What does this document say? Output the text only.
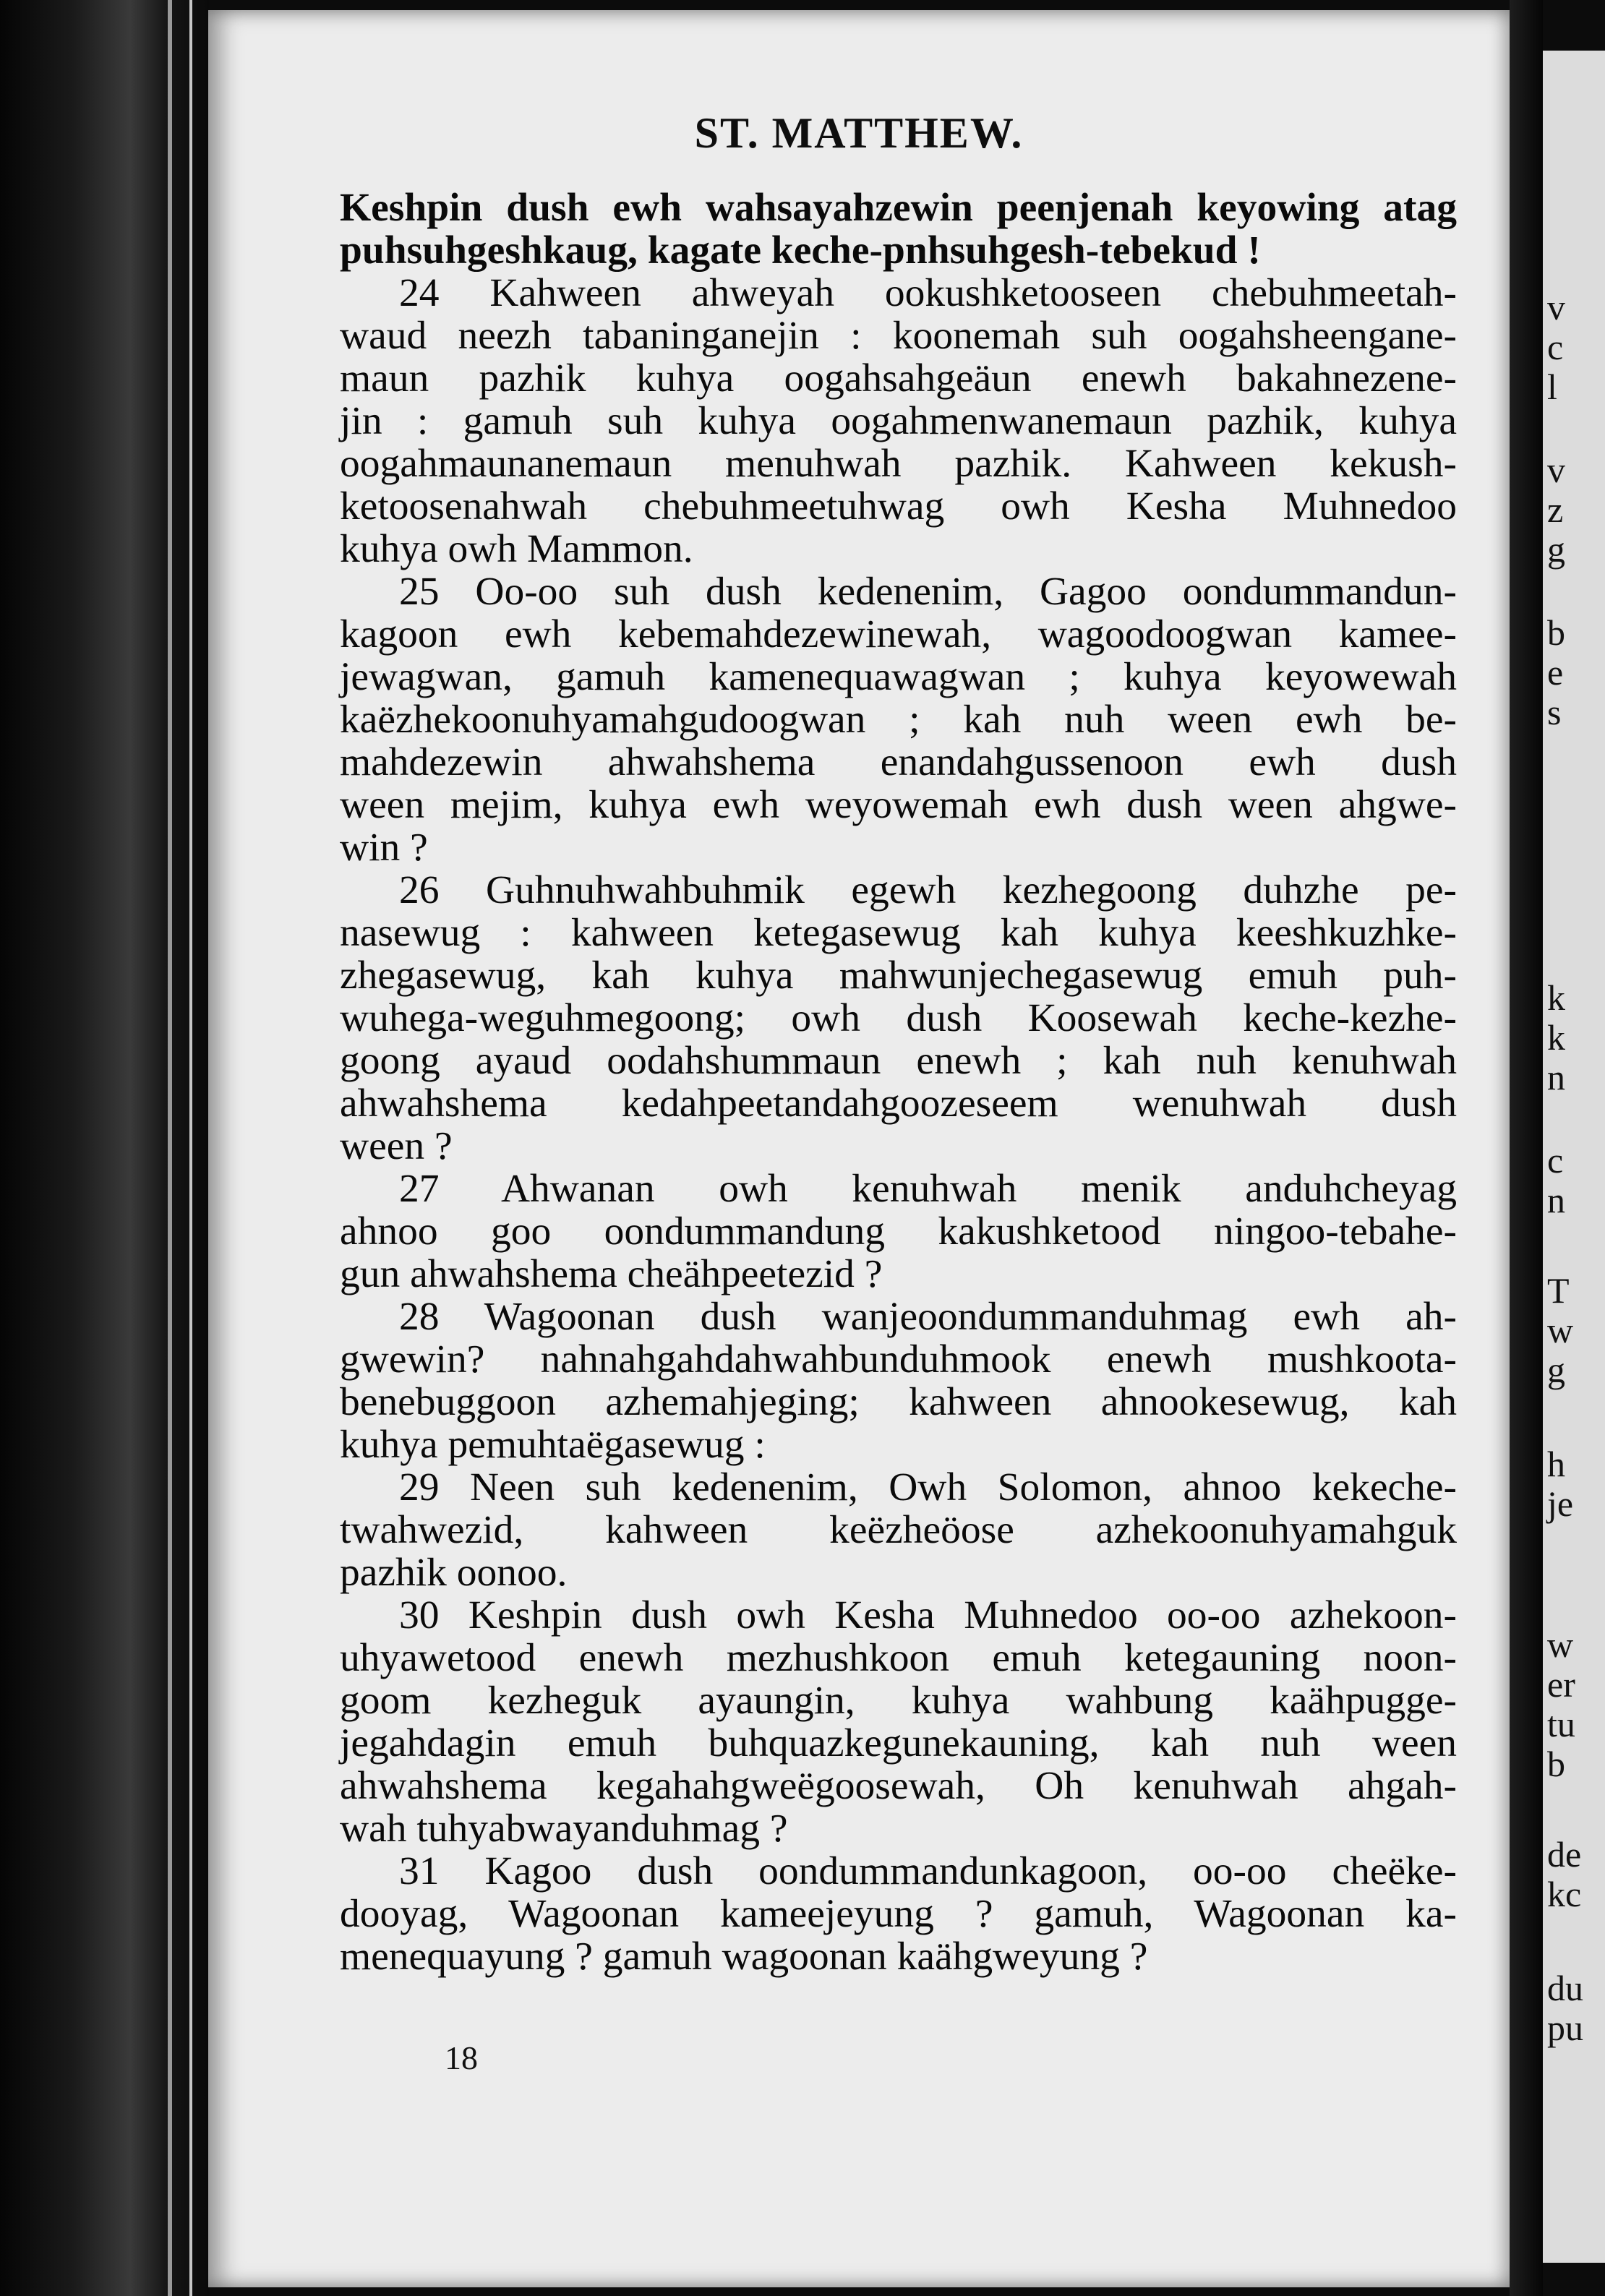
v
c
l
v
z
g
b
e
s
k
k
n
c
n
T
w
g
h
je
w
er
tu
b
de
kc
du
pu
ST. MATTHEW.
Keshpin dush ewh wahsayahzewin peenjenah keyowing atag
puhsuhgeshkaug, kagate keche-pnhsuhgesh-tebekud !
24 Kahween ahweyah ookushketooseen chebuhmeetah-
waud neezh tabaninganejin : koonemah suh oogahsheengane-
maun pazhik kuhya oogahsahgeäun enewh bakahnezene-
jin : gamuh suh kuhya oogahmenwanemaun pazhik, kuhya
oogahmaunanemaun menuhwah pazhik. Kahween kekush-
ketoosenahwah chebuhmeetuhwag owh Kesha Muhnedoo
kuhya owh Mammon.
25 Oo-oo suh dush kedenenim, Gagoo oondummandun-
kagoon ewh kebemahdezewinewah, wagoodoogwan kamee-
jewagwan, gamuh kamenequawagwan ; kuhya keyowewah
kaëzhekoonuhyamahgudoogwan ; kah nuh ween ewh be-
mahdezewin ahwahshema enandahgussenoon ewh dush
ween mejim, kuhya ewh weyowemah ewh dush ween ahgwe-
win ?
26 Guhnuhwahbuhmik egewh kezhegoong duhzhe pe-
nasewug : kahween ketegasewug kah kuhya keeshkuzhke-
zhegasewug, kah kuhya mahwunjechegasewug emuh puh-
wuhega-weguhmegoong; owh dush Koosewah keche-kezhe-
goong ayaud oodahshummaun enewh ; kah nuh kenuhwah
ahwahshema kedahpeetandahgoozeseem wenuhwah dush
ween ?
27 Ahwanan owh kenuhwah menik anduhcheyag
ahnoo goo oondummandung kakushketood ningoo-tebahe-
gun ahwahshema cheähpeetezid ?
28 Wagoonan dush wanjeoondummanduhmag ewh ah-
gwewin? nahnahgahdahwahbunduhmook enewh mushkoota-
benebuggoon azhemahjeging; kahween ahnookesewug, kah
kuhya pemuhtaëgasewug :
29 Neen suh kedenenim, Owh Solomon, ahnoo kekeche-
twahwezid, kahween keëzheöose azhekoonuhyamahguk
pazhik oonoo.
30 Keshpin dush owh Kesha Muhnedoo oo-oo azhekoon-
uhyawetood enewh mezhushkoon emuh ketegauning noon-
goom kezheguk ayaungin, kuhya wahbung kaähpugge-
jegahdagin emuh buhquazkegunekauning, kah nuh ween
ahwahshema kegahahgweëgoosewah, Oh kenuhwah ahgah-
wah tuhyabwayanduhmag ?
31 Kagoo dush oondummandunkagoon, oo-oo cheëke-
dooyag, Wagoonan kameejeyung ? gamuh, Wagoonan ka-
menequayung ? gamuh wagoonan kaähgweyung ?
18
